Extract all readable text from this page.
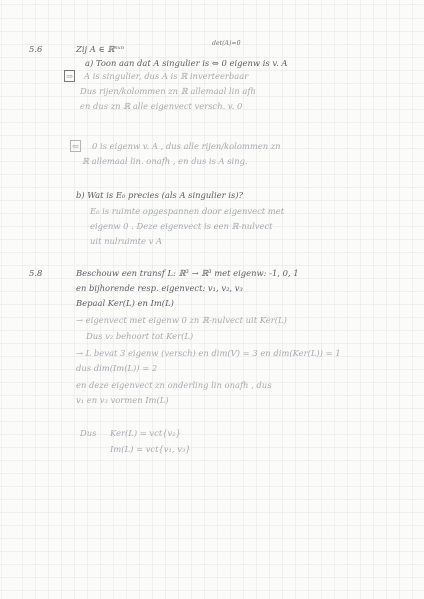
5.6	Zij A ∈ ℝⁿˣⁿ
det(A)=0
a) Toon aan dat A singulier is ⇔ 0 eigenw is v. A
⇒ A is singulier, dus A is ℝ inverteerbaar
Dus rijen/kolommen zn ℝ allemaal lin afh
en dus zn ℝ alle eigenvect versch. v. 0
⇐ 0 is eigenw v. A , dus alle rijen/kolommen zn
ℝ allemaal lin. onafh , en dus is A sing.
b) Wat is E₀ precies (als A singulier is)?
E₀ is ruimte opgespannen door eigenvect met
eigenw 0 . Deze eigenvect is een ℝ-nulvect
uit nulruimte v A
5.8	Beschouw een transf L: ℝ³ → ℝ³ met eigenw: -1, 0, 1
en bijhorende resp. eigenvect: v₁, v₂, v₃
Bepaal Ker(L) en Im(L)
→ eigenvect met eigenw 0 zn ℝ-nulvect uit Ker(L)
Dus v₂ behoort tot Ker(L)
→ L bevat 3 eigenw (versch) en dim(V) = 3 en dim(Ker(L)) = 1
dus dim(Im(L)) = 2
en deze eigenvect zn onderling lin onafh , dus
v₁ en v₃ vormen Im(L)
Dus Ker(L) = vct{v₂}
Im(L) = vct{v₁, v₃}
